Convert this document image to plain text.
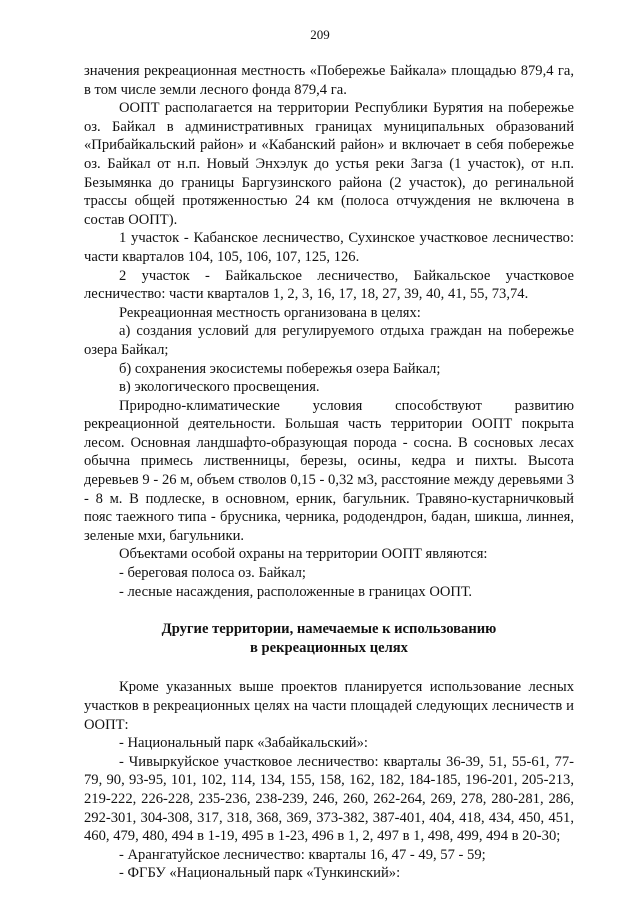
209

значения рекреационная местность «Побережье Байкала» площадью 879,4 га, в том числе земли лесного фонда 879,4 га.

ООПТ располагается на территории Республики Бурятия на побережье оз. Байкал в административных границах муниципальных образований «Прибайкальский район» и «Кабанский район» и включает в себя побережье оз. Байкал от н.п. Новый Энхэлук до устья реки Загза (1 участок), от н.п. Безымянка до границы Баргузинского района (2 участок), до регинальной трассы общей протяженностью 24 км (полоса отчуждения не включена в состав ООПТ).

1 участок - Кабанское лесничество, Сухинское участковое лесничество: части кварталов 104, 105, 106, 107, 125, 126.

2 участок - Байкальское лесничество, Байкальское участковое лесничество: части кварталов 1, 2, 3, 16, 17, 18, 27, 39, 40, 41, 55, 73,74.

Рекреационная местность организована в целях:

а) создания условий для регулируемого отдыха граждан на побережье озера Байкал;

б) сохранения экосистемы побережья озера Байкал;

в) экологического просвещения.

Природно-климатические условия способствуют развитию рекреационной деятельности. Большая часть территории ООПТ покрыта лесом. Основная ландшафто-образующая порода - сосна. В сосновых лесах обычна примесь лиственницы, березы, осины, кедра и пихты. Высота деревьев 9 - 26 м, объем стволов 0,15 - 0,32 м3, расстояние между деревьями 3 - 8 м. В подлеске, в основном, ерник, багульник. Травяно-кустарничковый пояс таежного типа - брусника, черника, рододендрон, бадан, шикша, линнея, зеленые мхи, багульники.

Объектами особой охраны на территории ООПТ являются:

- береговая полоса оз. Байкал;

- лесные насаждения, расположенные в границах ООПТ.

Другие территории, намечаемые к использованию
в рекреационных целях

Кроме указанных выше проектов планируется использование лесных участков в рекреационных целях на части площадей следующих лесничеств и ООПТ:

- Национальный парк «Забайкальский»:

- Чивыркуйское участковое лесничество: кварталы 36-39, 51, 55-61, 77-79, 90, 93-95, 101, 102, 114, 134, 155, 158, 162, 182, 184-185, 196-201, 205-213, 219-222, 226-228, 235-236, 238-239, 246, 260, 262-264, 269, 278, 280-281, 286, 292-301, 304-308, 317, 318, 368, 369, 373-382, 387-401, 404, 418, 434, 450, 451, 460, 479, 480, 494 в 1-19, 495 в 1-23, 496 в 1, 2, 497 в 1, 498, 499, 494 в 20-30;

- Арангатуйское лесничество: кварталы 16, 47 - 49, 57 - 59;

- ФГБУ «Национальный парк «Тункинский»:
